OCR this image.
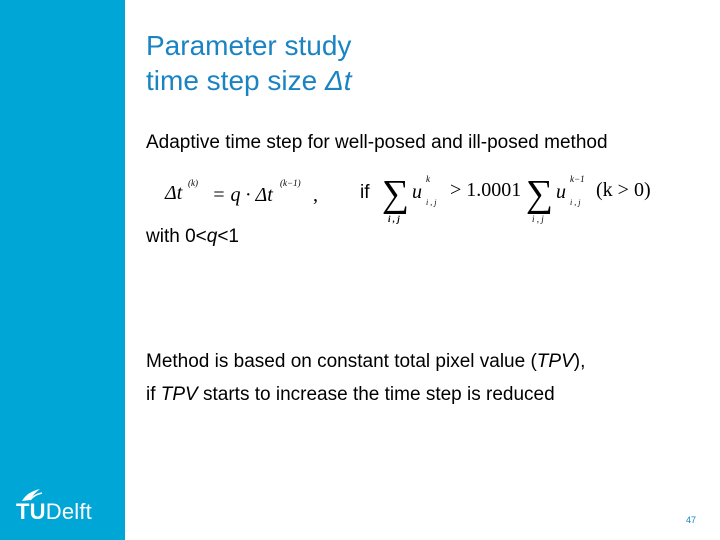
TUDelft
Parameter study
time step size Δt
Adaptive time step for well-posed and ill-posed method
Δt (k)
= q · Δt
(k−1)
, if ∑
i , j
u
k
i , j
> 1.0001 ∑
i , j
u
k−1
i , j
(k > 0)
with 0<q<1
Method is based on constant total pixel value (TPV),
if TPV starts to increase the time step is reduced
47
